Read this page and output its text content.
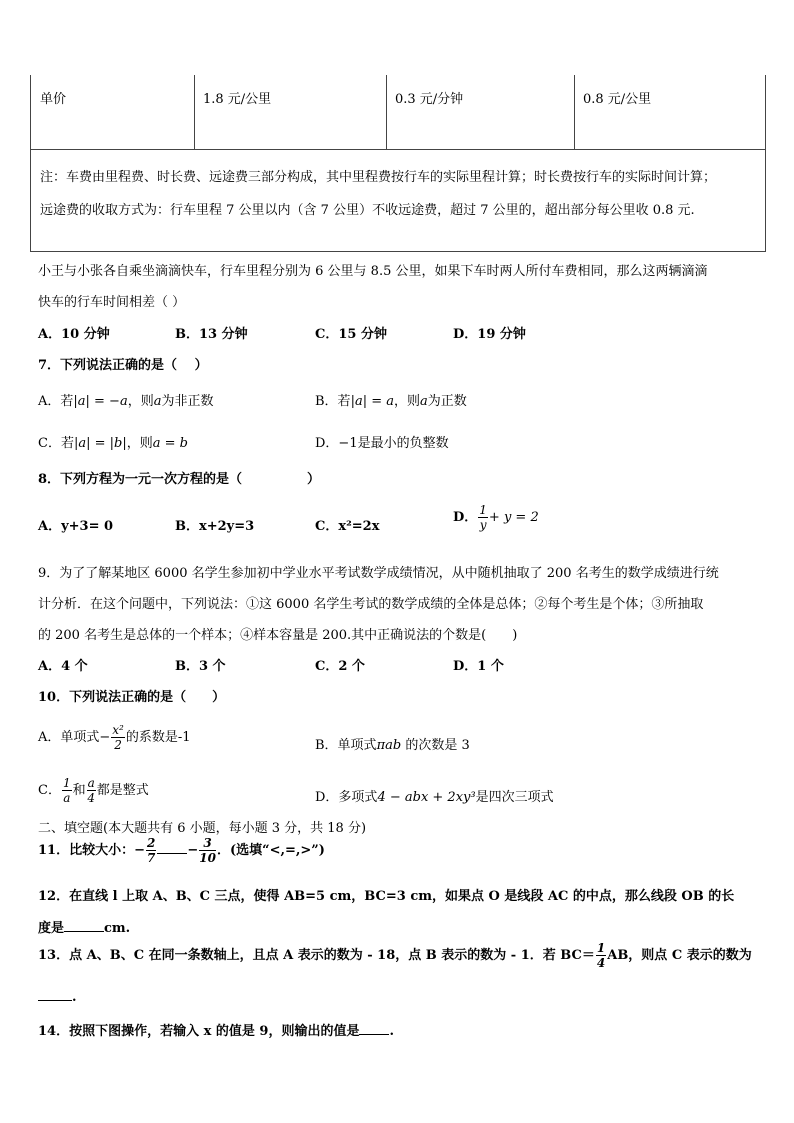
单价	1.8 元/公里	0.3 元/分钟	0.8 元/公里
注：车费由里程费、时长费、远途费三部分构成，其中里程费按行车的实际里程计算；时长费按行车的实际时间计算；
远途费的收取方式为：行车里程 7 公里以内（含 7 公里）不收远途费，超过 7 公里的，超出部分每公里收 0.8 元.
小王与小张各自乘坐滴滴快车，行车里程分别为 6 公里与 8.5 公里，如果下车时两人所付车费相同，那么这两辆滴滴
快车的行车时间相差（ ）
A．10 分钟	B．13 分钟	C．15 分钟	D．19 分钟
7．下列说法正确的是（　 ）
A．若|a| = −a，则a为非正数	B．若|a| = a，则a为正数
C．若|a| = |b|，则a = b	D．−1是最小的负整数
8．下列方程为一元一次方程的是（　　　　　）
A．y+3= 0	B．x+2y=3	C．x²=2x
D． $\frac{1}{y} + y = 2$
9．为了了解某地区 6000 名学生参加初中学业水平考试数学成绩情况，从中随机抽取了 200 名考生的数学成绩进行统
计分析．在这个问题中，下列说法：①这 6000 名学生考试的数学成绩的全体是总体；②每个考生是个体；③所抽取
的 200 名考生是总体的一个样本；④样本容量是 200.其中正确说法的个数是(　　)
A．4 个	B．3 个	C．2 个	D．1 个
10．下列说法正确的是（　　）
A．单项式− $\frac{\text{x²}}{2}$ 的系数是-1
B．单项式πab 的次数是 3
C． $\frac{1}{a}$ 和 $\frac{a}{4}$ 都是整式	D．多项式4 − abx + 2xy³是四次三项式
二、填空题(本大题共有 6 小题，每小题 3 分，共 18 分)
11．比较大小：− $\frac{2}{7} - \frac{3}{10}$ ．(选填“<,=,>”)
12．在直线 l 上取 A、B、C 三点，使得 AB=5 cm，BC=3 cm，如果点 O 是线段 AC 的中点，那么线段 OB 的长
度是	cm.
13．点 A、B、C 在同一条数轴上，且点 A 表示的数为 - 18，点 B 表示的数为 - 1．若 $BC= \frac{1}{4}$ AB，则点 C 表示的数为
.
14．按照下图操作，若输入 x 的值是 9，则输出的值是 .
